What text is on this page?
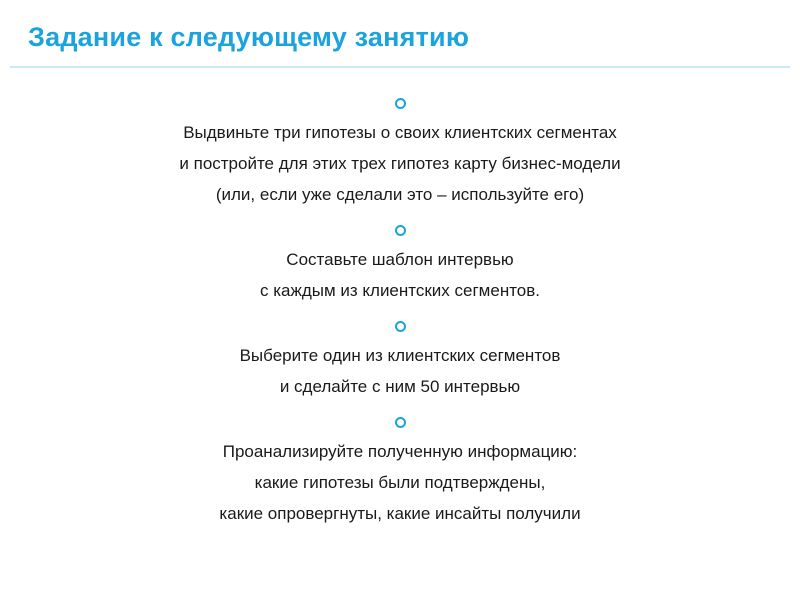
Задание к следующему занятию
Выдвиньте три гипотезы о своих клиентских сегментах
и постройте для этих трех гипотез карту бизнес-модели
(или, если уже сделали это – используйте его)
Составьте шаблон интервью
с каждым из клиентских сегментов.
Выберите один из клиентских сегментов
и сделайте с ним 50 интервью
Проанализируйте полученную информацию:
какие гипотезы были подтверждены,
какие опровергнуты, какие инсайты получили
